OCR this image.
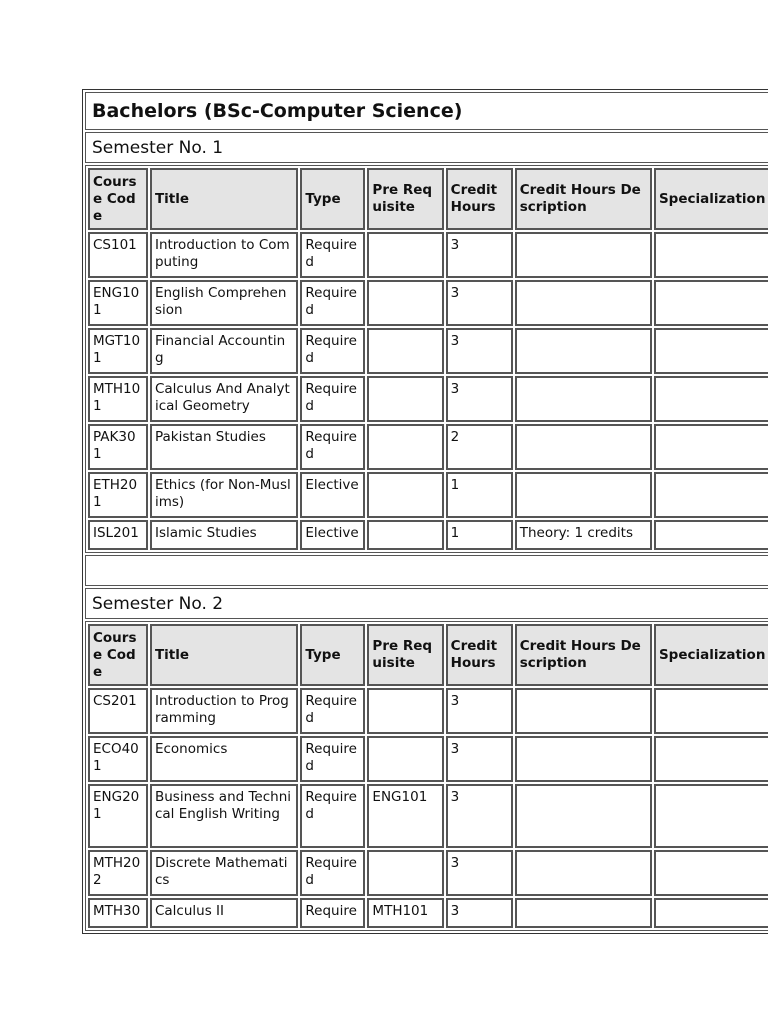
Bachelors (BSc-Computer Science)
Semester No. 1

Course Code	Title	Type	Pre Requisite	Credit Hours	Credit Hours Description	Specialization
CS101	Introduction to Computing	Required		3		
ENG101	English Comprehension	Required		3		
MGT101	Financial Accounting	Required		3		
MTH101	Calculus And Analytical Geometry	Required		3		
PAK301	Pakistan Studies	Required		2		
ETH201	Ethics (for Non-Muslims)	Elective		1		
ISL201	Islamic Studies	Elective		1	Theory: 1 credits	

Semester No. 2

Course Code	Title	Type	Pre Requisite	Credit Hours	Credit Hours Description	Specialization
CS201	Introduction to Programming	Required		3		
ECO401	Economics	Required		3		
ENG201	Business and Technical English Writing	Required	ENG101	3		
MTH202	Discrete Mathematics	Required		3		
MTH30	Calculus II	Require	MTH101	3		
